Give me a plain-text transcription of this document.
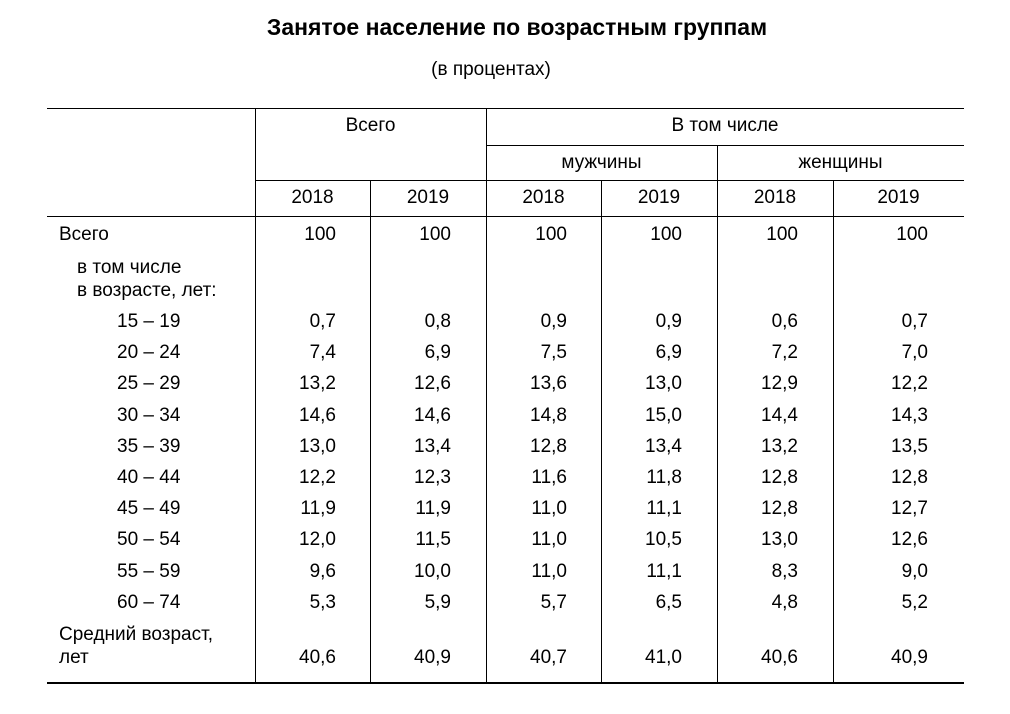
Занятое население по возрастным группам
(в процентах)
Всего	В том числе
мужчины	женщины
2018	2019	2018	2019	2018	2019
Всего	100	100	100	100	100	100
в том числе
в возрасте, лет:
15 – 19	0,7	0,8	0,9	0,9	0,6	0,7
20 – 24	7,4	6,9	7,5	6,9	7,2	7,0
25 – 29	13,2	12,6	13,6	13,0	12,9	12,2
30 – 34	14,6	14,6	14,8	15,0	14,4	14,3
35 – 39	13,0	13,4	12,8	13,4	13,2	13,5
40 – 44	12,2	12,3	11,6	11,8	12,8	12,8
45 – 49	11,9	11,9	11,0	11,1	12,8	12,7
50 – 54	12,0	11,5	11,0	10,5	13,0	12,6
55 – 59	9,6	10,0	11,0	11,1	8,3	9,0
60 – 74	5,3	5,9	5,7	6,5	4,8	5,2
Средний возраст,
лет	40,6	40,9	40,7	41,0	40,6	40,9
